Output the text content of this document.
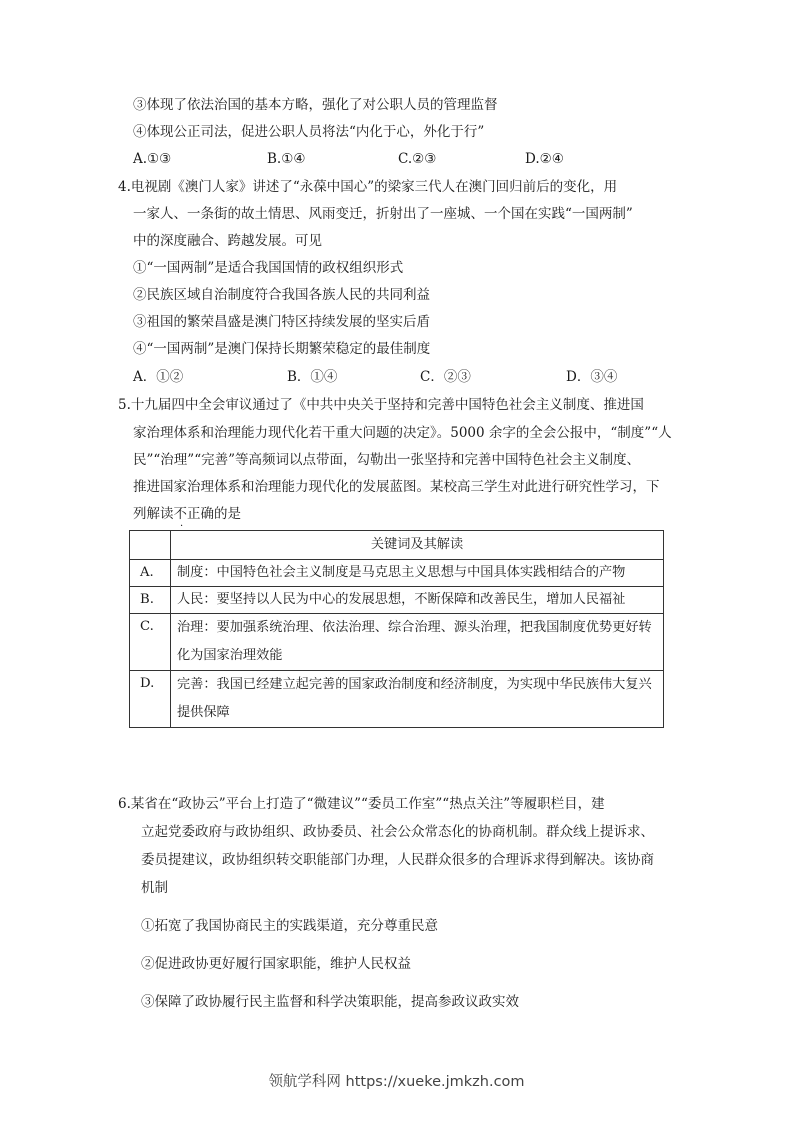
③体现了依法治国的基本方略，强化了对公职人员的管理监督
④体现公正司法，促进公职人员将法“内化于心，外化于行”
A.①③	B.①④	C.②③	D.②④
4.电视剧《澳门人家》讲述了“永葆中国心”的梁家三代人在澳门回归前后的变化，用
一家人、一条街的故土情思、风雨变迁，折射出了一座城、一个国在实践“一国两制”
中的深度融合、跨越发展。可见
①“一国两制”是适合我国国情的政权组织形式
②民族区域自治制度符合我国各族人民的共同利益
③祖国的繁荣昌盛是澳门特区持续发展的坚实后盾
④“一国两制”是澳门保持长期繁荣稳定的最佳制度
A．①②	B．①④	C．②③	D．③④
5.十九届四中全会审议通过了《中共中央关于坚持和完善中国特色社会主义制度、推进国
家治理体系和治理能力现代化若干重大问题的决定》。5000 余字的全会公报中，“制度”“人
民”“治理”“完善”等高频词以点带面，勾勒出一张坚持和完善中国特色社会主义制度、
推进国家治理体系和治理能力现代化的发展蓝图。某校高三学生对此进行研究性学习，下
列解读不正确的是
·
	关键词及其解读
A.	制度：中国特色社会主义制度是马克思主义思想与中国具体实践相结合的产物
B.	人民：要坚持以人民为中心的发展思想，不断保障和改善民生，增加人民福祉
C.	治理：要加强系统治理、依法治理、综合治理、源头治理，把我国制度优势更好转化为国家治理效能
D.	完善：我国已经建立起完善的国家政治制度和经济制度，为实现中华民族伟大复兴提供保障
6.某省在“政协云”平台上打造了“微建议”“委员工作室”“热点关注”等履职栏目，建
立起党委政府与政协组织、政协委员、社会公众常态化的协商机制。群众线上提诉求、
委员提建议，政协组织转交职能部门办理，人民群众很多的合理诉求得到解决。该协商
机制
①拓宽了我国协商民主的实践渠道，充分尊重民意
②促进政协更好履行国家职能，维护人民权益
③保障了政协履行民主监督和科学决策职能，提高参政议政实效
领航学科网 https://xueke.jmkzh.com
